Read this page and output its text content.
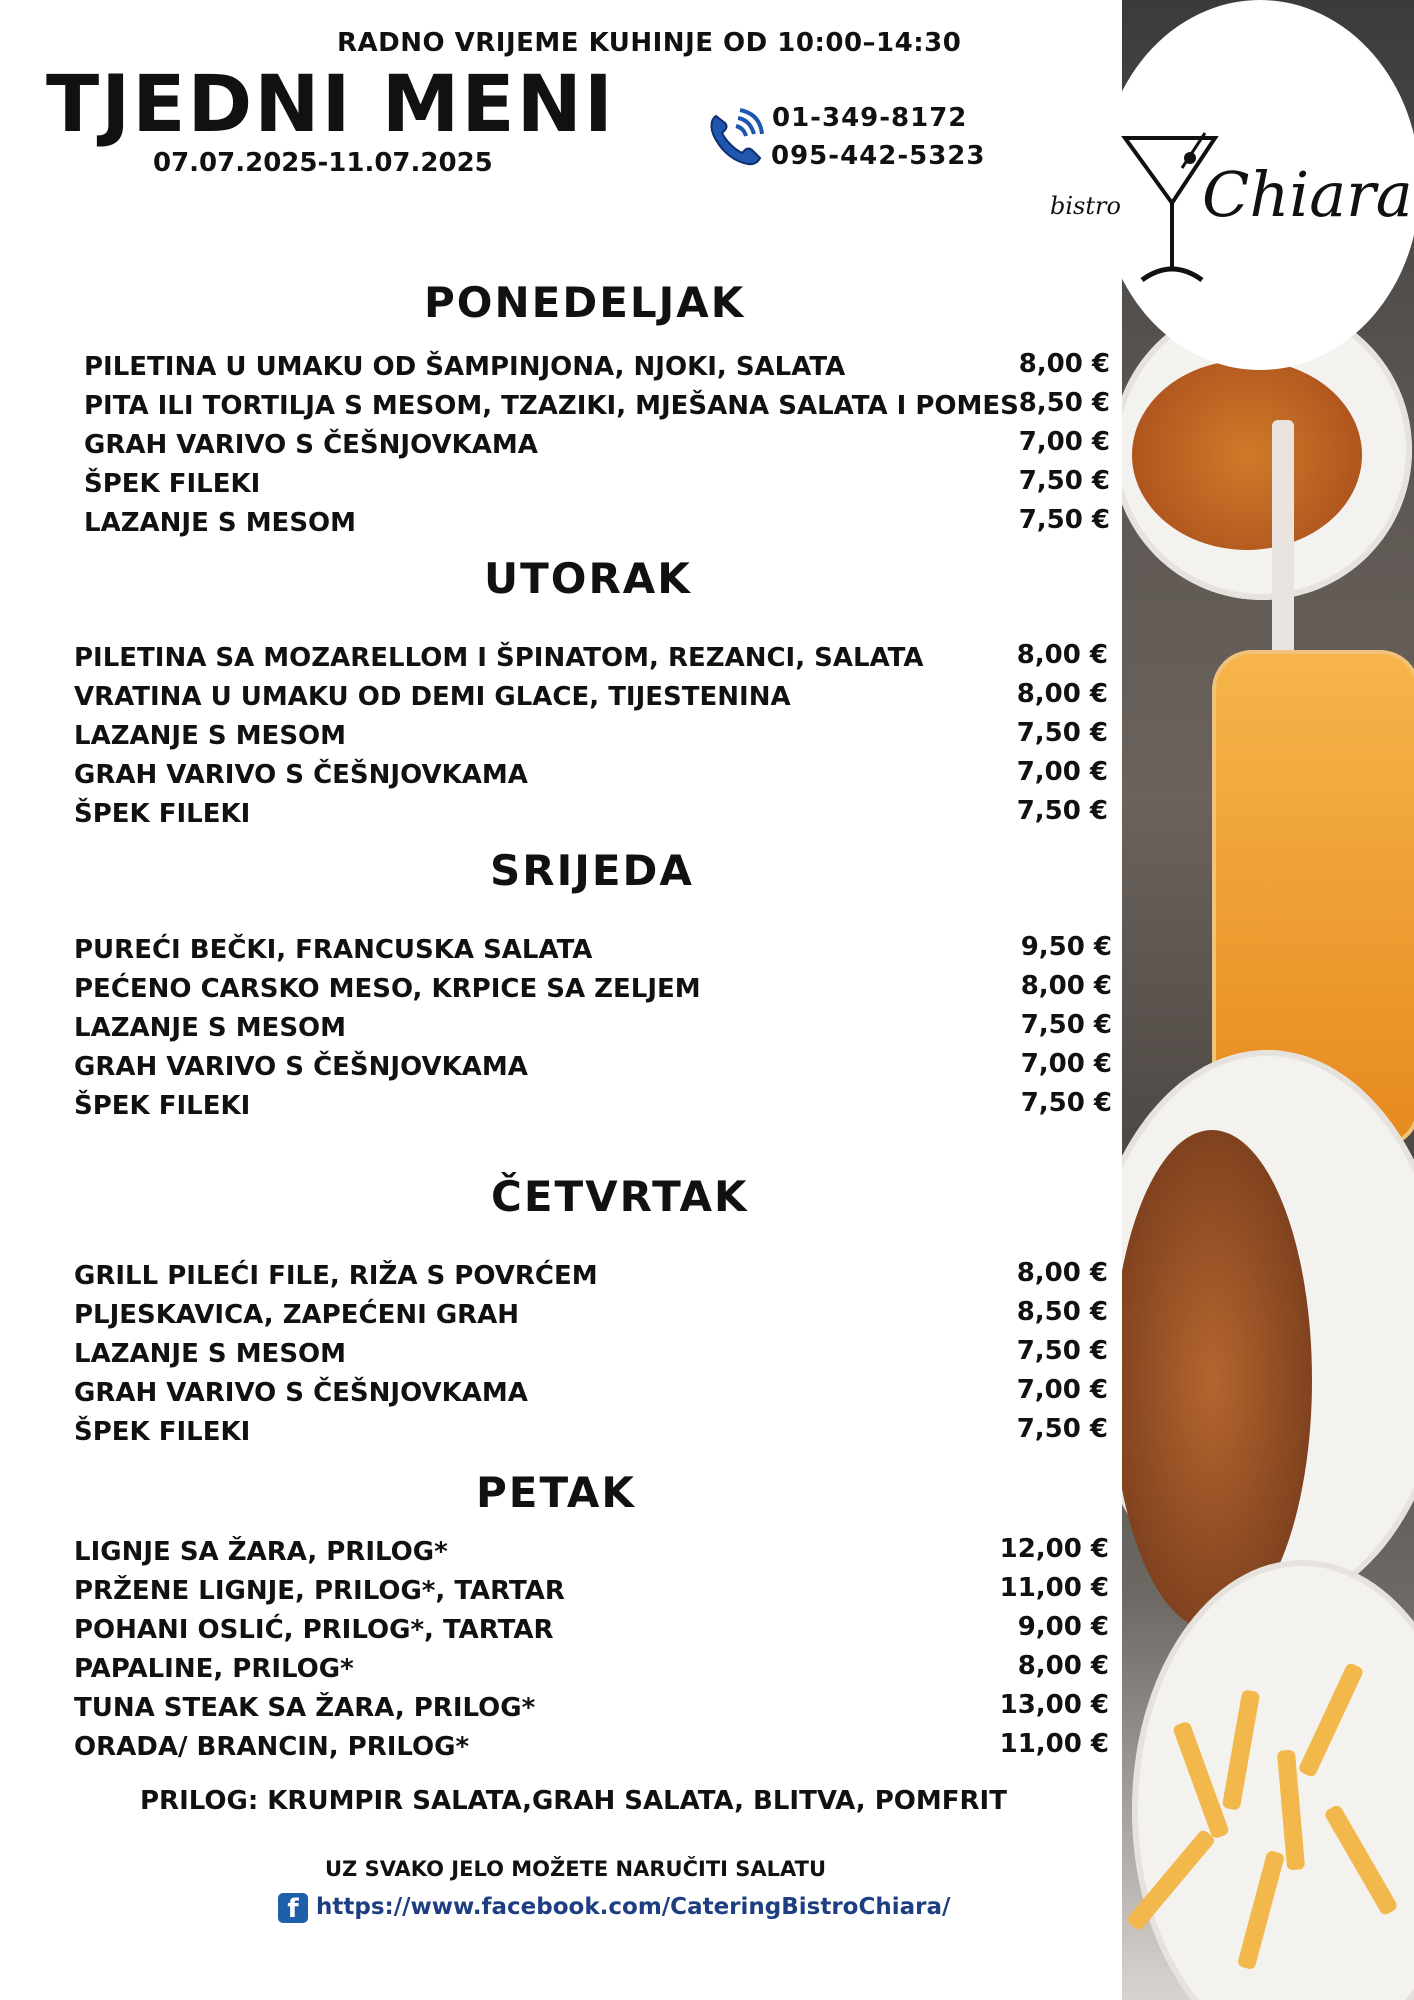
bistro Chiara
RADNO VRIJEME KUHINJE OD 10:00–14:30
TJEDNI MENI
07.07.2025-11.07.2025
01-349-8172
095-442-5323
PONEDELJAK
PILETINA U UMAKU OD ŠAMPINJONA, NJOKI, SALATA	8,00 €
PITA ILI TORTILJA S MESOM, TZAZIKI, MJEŠANA SALATA I POMES 8,50 €
GRAH VARIVO S ČEŠNJOVKAMA	7,00 €
ŠPEK FILEKI	7,50 €
LAZANJE S MESOM	7,50 €
UTORAK
PILETINA SA MOZARELLOM I ŠPINATOM, REZANCI, SALATA	8,00 €
VRATINA U UMAKU OD DEMI GLACE, TIJESTENINA	8,00 €
LAZANJE S MESOM	7,50 €
GRAH VARIVO S ČEŠNJOVKAMA	7,00 €
ŠPEK FILEKI	7,50 €
SRIJEDA
PUREĆI BEČKI, FRANCUSKA SALATA	9,50 €
PEĆENO CARSKO MESO, KRPICE SA ZELJEM	8,00 €
LAZANJE S MESOM	7,50 €
GRAH VARIVO S ČEŠNJOVKAMA	7,00 €
ŠPEK FILEKI	7,50 €
ČETVRTAK
GRILL PILEĆI FILE, RIŽA S POVRĆEM	8,00 €
PLJESKAVICA, ZAPEĆENI GRAH	8,50 €
LAZANJE S MESOM	7,50 €
GRAH VARIVO S ČEŠNJOVKAMA	7,00 €
ŠPEK FILEKI	7,50 €
PETAK
LIGNJE SA ŽARA, PRILOG*	12,00 €
PRŽENE LIGNJE, PRILOG*, TARTAR	11,00 €
POHANI OSLIĆ, PRILOG*, TARTAR	9,00 €
PAPALINE, PRILOG*	8,00 €
TUNA STEAK SA ŽARA, PRILOG*	13,00 €
ORADA/ BRANCIN, PRILOG*	11,00 €
PRILOG: KRUMPIR SALATA,GRAH SALATA, BLITVA, POMFRIT
UZ SVAKO JELO MOŽETE NARUČITI SALATU
f https://www.facebook.com/CateringBistroChiara/
